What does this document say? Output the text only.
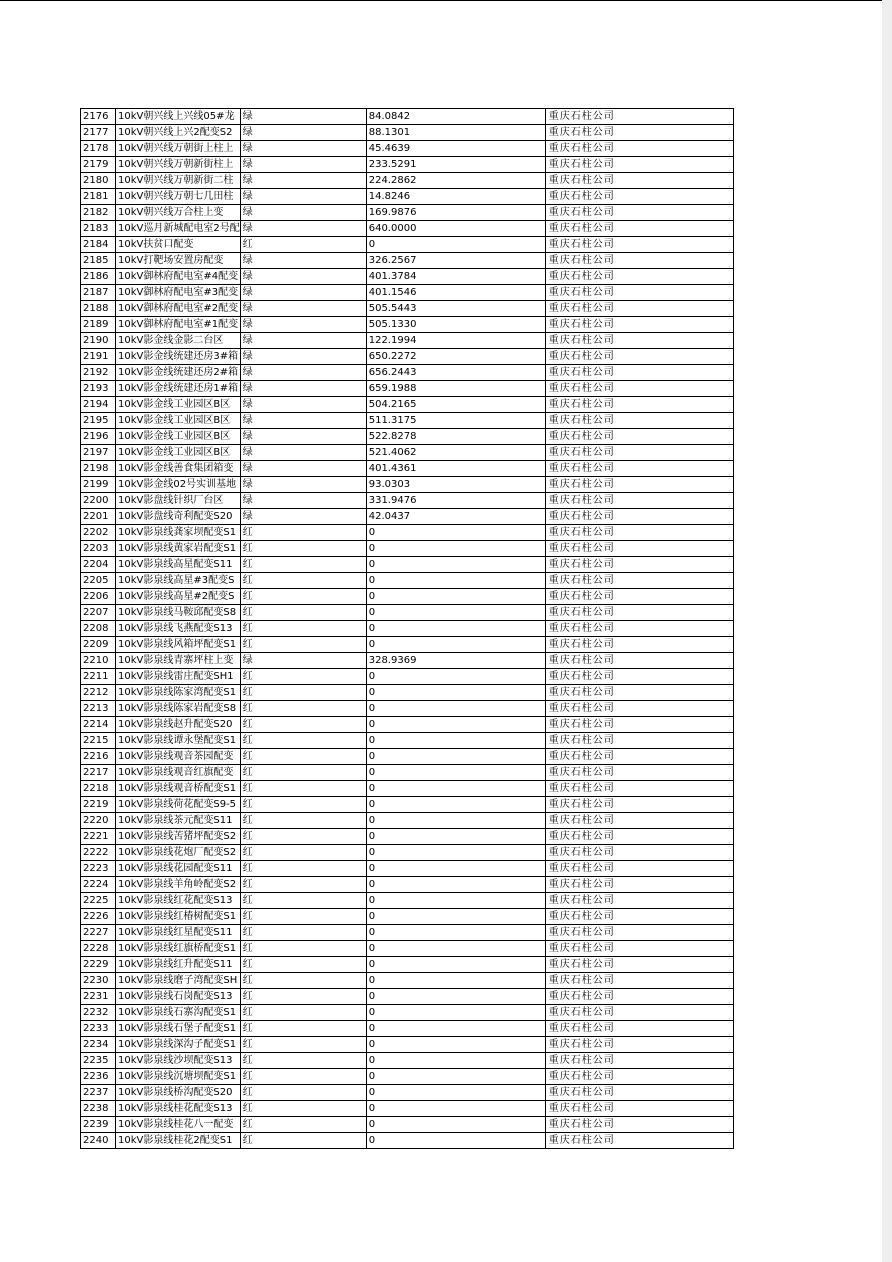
2176	10kV朝兴线上兴线05#龙	绿	84.0842	重庆石柱公司
2177	10kV朝兴线上兴2配变S2	绿	88.1301	重庆石柱公司
2178	10kV朝兴线万朝街上柱上	绿	45.4639	重庆石柱公司
2179	10kV朝兴线万朝新街柱上	绿	233.5291	重庆石柱公司
2180	10kV朝兴线万朝新街二柱	绿	224.2862	重庆石柱公司
2181	10kV朝兴线万朝七几田柱	绿	14.8246	重庆石柱公司
2182	10kV朝兴线万合柱上变	绿	169.9876	重庆石柱公司
2183	10kV巡月新城配电室2号配	绿	640.0000	重庆石柱公司
2184	10kV扶贫口配变	红	0	重庆石柱公司
2185	10kV打靶场安置房配变	绿	326.2567	重庆石柱公司
2186	10kV御林府配电室#4配变	绿	401.3784	重庆石柱公司
2187	10kV御林府配电室#3配变	绿	401.1546	重庆石柱公司
2188	10kV御林府配电室#2配变	绿	505.5443	重庆石柱公司
2189	10kV御林府配电室#1配变	绿	505.1330	重庆石柱公司
2190	10kV影金线金影二台区	绿	122.1994	重庆石柱公司
2191	10kV影金线统建还房3#箱	绿	650.2272	重庆石柱公司
2192	10kV影金线统建还房2#箱	绿	656.2443	重庆石柱公司
2193	10kV影金线统建还房1#箱	绿	659.1988	重庆石柱公司
2194	10kV影金线工业园区B区	绿	504.2165	重庆石柱公司
2195	10kV影金线工业园区B区	绿	511.3175	重庆石柱公司
2196	10kV影金线工业园区B区	绿	522.8278	重庆石柱公司
2197	10kV影金线工业园区B区	绿	521.4062	重庆石柱公司
2198	10kV影金线善食集团箱变	绿	401.4361	重庆石柱公司
2199	10kV影金线02号实训基地	绿	93.0303	重庆石柱公司
2200	10kV影盘线针织厂台区	绿	331.9476	重庆石柱公司
2201	10kV影盘线奇利配变S20	绿	42.0437	重庆石柱公司
2202	10kV影泉线龚家坝配变S1	红	0	重庆石柱公司
2203	10kV影泉线黄家岩配变S1	红	0	重庆石柱公司
2204	10kV影泉线高星配变S11	红	0	重庆石柱公司
2205	10kV影泉线高星#3配变S	红	0	重庆石柱公司
2206	10kV影泉线高星#2配变S	红	0	重庆石柱公司
2207	10kV影泉线马鞍邱配变S8	红	0	重庆石柱公司
2208	10kV影泉线飞燕配变S13	红	0	重庆石柱公司
2209	10kV影泉线风箱坪配变S1	红	0	重庆石柱公司
2210	10kV影泉线青寨坪柱上变	绿	328.9369	重庆石柱公司
2211	10kV影泉线雷庄配变SH1	红	0	重庆石柱公司
2212	10kV影泉线陈家湾配变S1	红	0	重庆石柱公司
2213	10kV影泉线陈家岩配变S8	红	0	重庆石柱公司
2214	10kV影泉线赵升配变S20	红	0	重庆石柱公司
2215	10kV影泉线谭永堡配变S1	红	0	重庆石柱公司
2216	10kV影泉线观音茶园配变	红	0	重庆石柱公司
2217	10kV影泉线观音红旗配变	红	0	重庆石柱公司
2218	10kV影泉线观音桥配变S1	红	0	重庆石柱公司
2219	10kV影泉线荷花配变S9-5	红	0	重庆石柱公司
2220	10kV影泉线茶元配变S11	红	0	重庆石柱公司
2221	10kV影泉线苦猪坪配变S2	红	0	重庆石柱公司
2222	10kV影泉线花炮厂配变S2	红	0	重庆石柱公司
2223	10kV影泉线花园配变S11	红	0	重庆石柱公司
2224	10kV影泉线羊角岭配变S2	红	0	重庆石柱公司
2225	10kV影泉线红花配变S13	红	0	重庆石柱公司
2226	10kV影泉线红椿树配变S1	红	0	重庆石柱公司
2227	10kV影泉线红星配变S11	红	0	重庆石柱公司
2228	10kV影泉线红旗桥配变S1	红	0	重庆石柱公司
2229	10kV影泉线红升配变S11	红	0	重庆石柱公司
2230	10kV影泉线磨子湾配变SH	红	0	重庆石柱公司
2231	10kV影泉线石岗配变S13	红	0	重庆石柱公司
2232	10kV影泉线石寨沟配变S1	红	0	重庆石柱公司
2233	10kV影泉线石堡子配变S1	红	0	重庆石柱公司
2234	10kV影泉线深沟子配变S1	红	0	重庆石柱公司
2235	10kV影泉线沙坝配变S13	红	0	重庆石柱公司
2236	10kV影泉线沉塘坝配变S1	红	0	重庆石柱公司
2237	10kV影泉线桥沟配变S20	红	0	重庆石柱公司
2238	10kV影泉线桂花配变S13	红	0	重庆石柱公司
2239	10kV影泉线桂花八一配变	红	0	重庆石柱公司
2240	10kV影泉线桂花2配变S1	红	0	重庆石柱公司
